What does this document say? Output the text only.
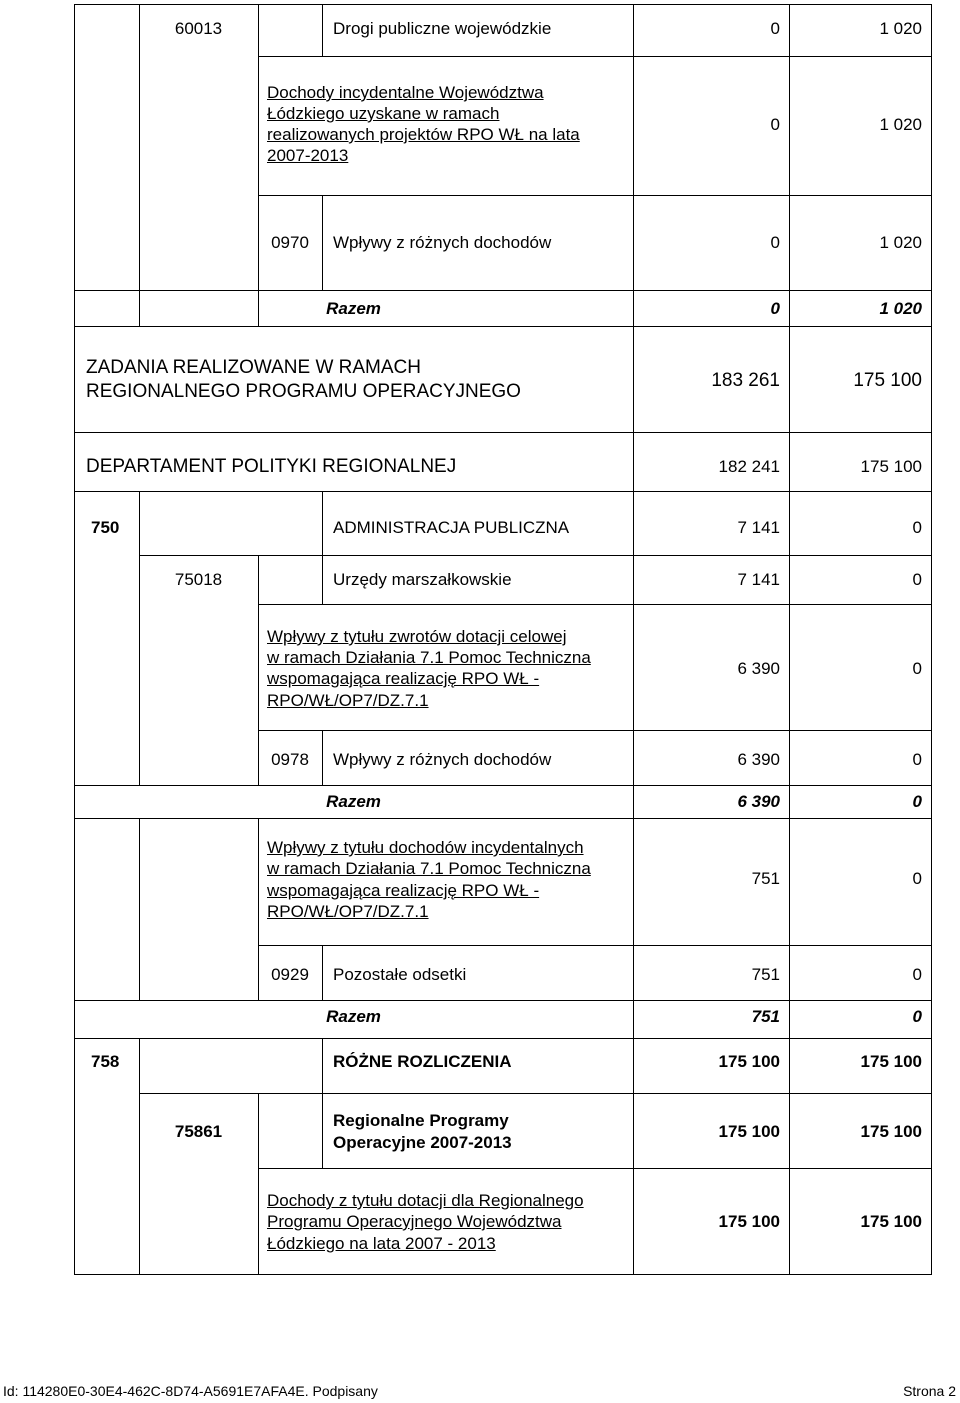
60013	Drogi publiczne wojewódzkie	0	1 020
Dochody incydentalne Województwa
Łódzkiego uzyskane w ramach
realizowanych projektów RPO WŁ na lata
2007-2013
0	1 020
0970	Wpływy z różnych dochodów	0	1 020
Razem	0	1 020
ZADANIA REALIZOWANE W RAMACH
REGIONALNEGO PROGRAMU OPERACYJNEGO
183 261	175 100
DEPARTAMENT POLITYKI REGIONALNEJ	182 241	175 100
750	ADMINISTRACJA PUBLICZNA	7 141	0
75018	Urzędy marszałkowskie	7 141	0
Wpływy z tytułu zwrotów dotacji celowej
w ramach Działania 7.1 Pomoc Techniczna
wspomagająca realizację RPO WŁ -
RPO/WŁ/OP7/DZ.7.1
6 390	0
0978	Wpływy z różnych dochodów	6 390	0
Razem	6 390	0
Wpływy z tytułu dochodów incydentalnych
w ramach Działania 7.1 Pomoc Techniczna
wspomagająca realizację RPO WŁ -
RPO/WŁ/OP7/DZ.7.1
751	0
0929	Pozostałe odsetki	751	0
Razem	751	0
758	RÓŻNE ROZLICZENIA	175 100	175 100
75861
Regionalne Programy
Operacyjne 2007-2013
175 100	175 100
Dochody z tytułu dotacji dla Regionalnego
Programu Operacyjnego Województwa
Łódzkiego na lata 2007 - 2013
175 100	175 100
Id: 114280E0-30E4-462C-8D74-A5691E7AFA4E. Podpisany	Strona 2
